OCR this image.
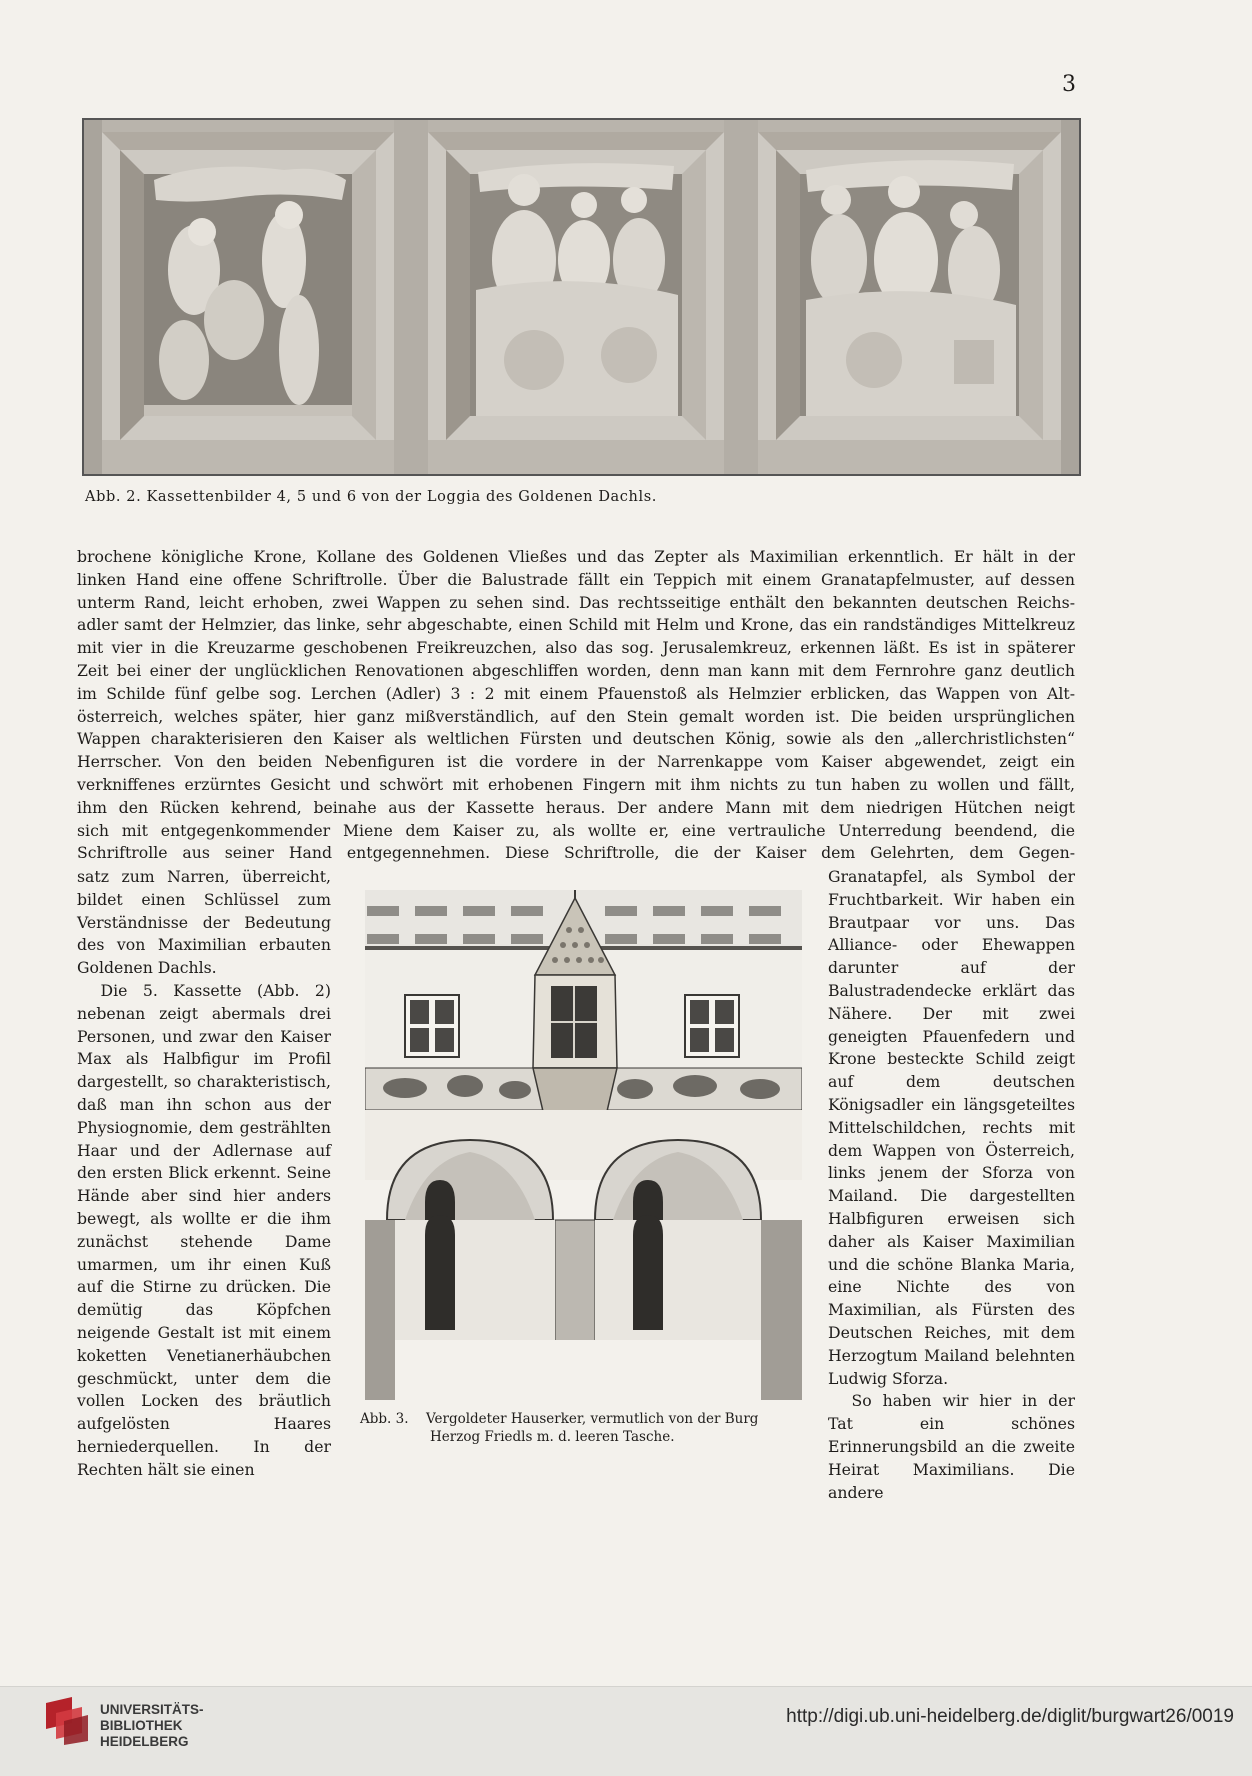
3
Abb. 2. Kassettenbilder 4, 5 und 6 von der Loggia des Goldenen Dachls.
brochene königliche Krone, Kollane des Goldenen Vließes und das Zepter als Maximilian erkenntlich. Er hält in der
linken Hand eine offene Schriftrolle. Über die Balustrade fällt ein Teppich mit einem Granatapfelmuster, auf dessen
unterm Rand, leicht erhoben, zwei Wappen zu sehen sind. Das rechtsseitige enthält den bekannten deutschen Reichs-
adler samt der Helmzier, das linke, sehr abgeschabte, einen Schild mit Helm und Krone, das ein randständiges Mittelkreuz
mit vier in die Kreuzarme geschobenen Freikreuzchen, also das sog. Jerusalemkreuz, erkennen läßt. Es ist in späterer
Zeit bei einer der unglücklichen Renovationen abgeschliffen worden, denn man kann mit dem Fernrohre ganz deutlich
im Schilde fünf gelbe sog. Lerchen (Adler) 3 : 2 mit einem Pfauenstoß als Helmzier erblicken, das Wappen von Alt-
österreich, welches später, hier ganz mißverständlich, auf den Stein gemalt worden ist. Die beiden ursprünglichen
Wappen charakterisieren den Kaiser als weltlichen Fürsten und deutschen König, sowie als den „allerchristlichsten“
Herrscher. Von den beiden Nebenfiguren ist die vordere in der Narrenkappe vom Kaiser abgewendet, zeigt ein
verkniffenes erzürntes Gesicht und schwört mit erhobenen Fingern mit ihm nichts zu tun haben zu wollen und fällt,
ihm den Rücken kehrend, beinahe aus der Kassette heraus. Der andere Mann mit dem niedrigen Hütchen neigt
sich mit entgegenkommender Miene dem Kaiser zu, als wollte er, eine vertrauliche Unterredung beendend, die
Schriftrolle aus seiner Hand entgegennehmen. Diese Schriftrolle, die der Kaiser dem Gelehrten, dem Gegen-

satz zum Narren, überreicht, bildet einen Schlüssel zum Verständnisse der Bedeutung des von Maximilian erbauten Goldenen Dachls.

Die 5. Kassette (Abb. 2) nebenan zeigt abermals drei Personen, und zwar den Kaiser Max als Halbfigur im Profil dargestellt, so charakteristisch, daß man ihn schon aus der Physiognomie, dem gestrählten Haar und der Adlernase auf den ersten Blick erkennt. Seine Hände aber sind hier anders bewegt, als wollte er die ihm zunächst stehende Dame umarmen, um ihr einen Kuß auf die Stirne zu drücken. Die demütig das Köpfchen neigende Gestalt ist mit einem koketten Venetianerhäubchen geschmückt, unter dem die vollen Locken des bräutlich aufgelösten Haares herniederquellen. In der Rechten hält sie einen

Abb. 3. Vergoldeter Hauserker, vermutlich von der Burg
Herzog Friedls m. d. leeren Tasche.

Granatapfel, als Symbol der Fruchtbarkeit. Wir haben ein Brautpaar vor uns. Das Alliance- oder Ehewappen darunter auf der Balustradendecke erklärt das Nähere. Der mit zwei geneigten Pfauenfedern und Krone besteckte Schild zeigt auf dem deutschen Königsadler ein längsgeteiltes Mittelschildchen, rechts mit dem Wappen von Österreich, links jenem der Sforza von Mailand. Die dargestellten Halbfiguren erweisen sich daher als Kaiser Maximilian und die schöne Blanka Maria, eine Nichte des von Maximilian, als Fürsten des Deutschen Reiches, mit dem Herzogtum Mailand belehnten Ludwig Sforza.

So haben wir hier in der Tat ein schönes Erinnerungsbild an die zweite Heirat Maximilians. Die andere

UNIVERSITÄTS-
BIBLIOTHEK
HEIDELBERG
http://digi.ub.uni-heidelberg.de/diglit/burgwart26/0019
